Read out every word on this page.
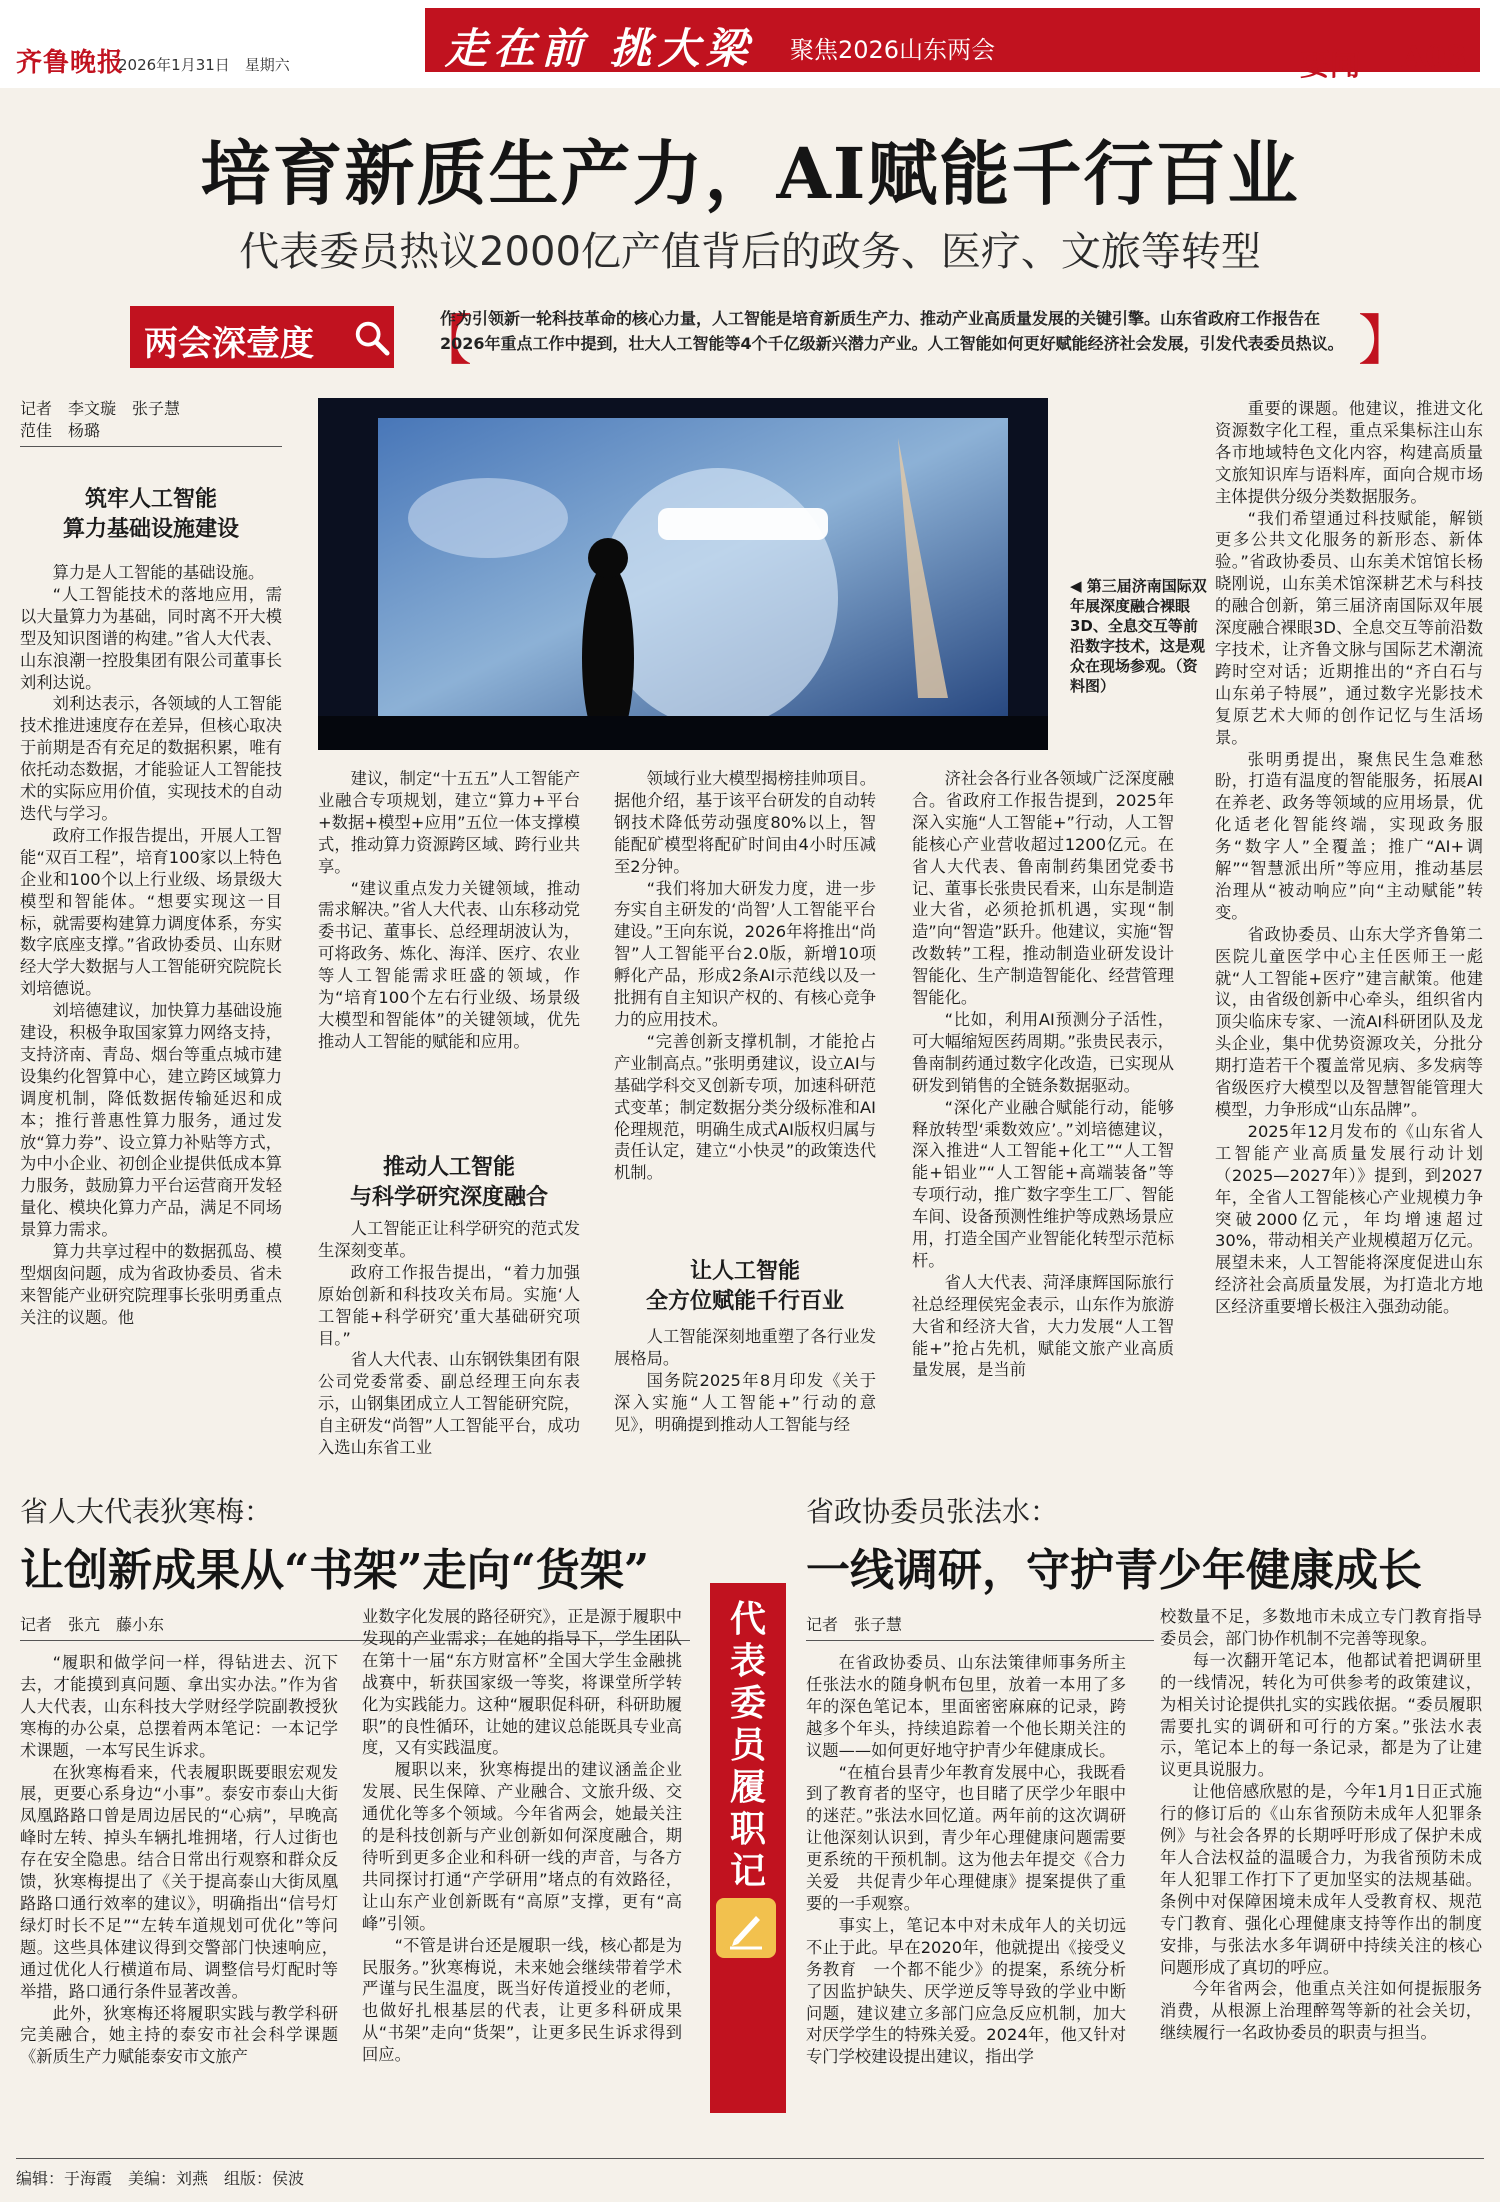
齐鲁晚报
2026年1月31日　星期六	走在前 挑大梁 聚焦2026山东两会	要闻 A03
培育新质生产力，AI赋能千行百业
代表委员热议2000亿产值背后的政务、医疗、文旅等转型
两会深壹度 【
作为引领新一轮科技革命的核心力量，人工智能是培育新质生产力、推动产业高质量发展的关键引擎。山东省政府工作报告在2026年重点工作中提到，壮大人工智能等4个千亿级新兴潜力产业。人工智能如何更好赋能经济社会发展，引发代表委员热议。 】
记者　李文璇　张子慧
范佳　杨璐
筑牢人工智能
算力基础设施建设

算力是人工智能的基础设施。

“人工智能技术的落地应用，需以大量算力为基础，同时离不开大模型及知识图谱的构建。”省人大代表、山东浪潮一控股集团有限公司董事长刘利达说。

刘利达表示，各领域的人工智能技术推进速度存在差异，但核心取决于前期是否有充足的数据积累，唯有依托动态数据，才能验证人工智能技术的实际应用价值，实现技术的自动迭代与学习。

政府工作报告提出，开展人工智能“双百工程”，培育100家以上特色企业和100个以上行业级、场景级大模型和智能体。“想要实现这一目标，就需要构建算力调度体系，夯实数字底座支撑。”省政协委员、山东财经大学大数据与人工智能研究院院长刘培德说。

刘培德建议，加快算力基础设施建设，积极争取国家算力网络支持，支持济南、青岛、烟台等重点城市建设集约化智算中心，建立跨区域算力调度机制，降低数据传输延迟和成本；推行普惠性算力服务，通过发放“算力券”、设立算力补贴等方式，为中小企业、初创企业提供低成本算力服务，鼓励算力平台运营商开发轻量化、模块化算力产品，满足不同场景算力需求。

算力共享过程中的数据孤岛、模型烟囱问题，成为省政协委员、省未来智能产业研究院理事长张明勇重点关注的议题。他

◀ 第三届济南国际双年展深度融合裸眼3D、全息交互等前沿数字技术，这是观众在现场参观。（资料图）

建议，制定“十五五”人工智能产业融合专项规划，建立“算力+平台+数据+模型+应用”五位一体支撑模式，推动算力资源跨区域、跨行业共享。

“建议重点发力关键领域，推动需求解决。”省人大代表、山东移动党委书记、董事长、总经理胡波认为，可将政务、炼化、海洋、医疗、农业等人工智能需求旺盛的领域，作为“培育100个左右行业级、场景级大模型和智能体”的关键领域，优先推动人工智能的赋能和应用。

推动人工智能
与科学研究深度融合

人工智能正让科学研究的范式发生深刻变革。

政府工作报告提出，“着力加强原始创新和科技攻关布局。实施‘人工智能+科学研究’重大基础研究项目。”

省人大代表、山东钢铁集团有限公司党委常委、副总经理王向东表示，山钢集团成立人工智能研究院，自主研发“尚智”人工智能平台，成功入选山东省工业

领域行业大模型揭榜挂帅项目。据他介绍，基于该平台研发的自动转钢技术降低劳动强度80%以上，智能配矿模型将配矿时间由4小时压减至2分钟。

“我们将加大研发力度，进一步夯实自主研发的‘尚智’人工智能平台建设。”王向东说，2026年将推出“尚智”人工智能平台2.0版，新增10项孵化产品，形成2条AI示范线以及一批拥有自主知识产权的、有核心竞争力的应用技术。

“完善创新支撑机制，才能抢占产业制高点。”张明勇建议，设立AI与基础学科交叉创新专项，加速科研范式变革；制定数据分类分级标准和AI伦理规范，明确生成式AI版权归属与责任认定，建立“小快灵”的政策迭代机制。

让人工智能
全方位赋能千行百业

人工智能深刻地重塑了各行业发展格局。

国务院2025年8月印发《关于深入实施“人工智能+”行动的意见》，明确提到推动人工智能与经

济社会各行业各领域广泛深度融合。省政府工作报告提到，2025年深入实施“人工智能+”行动，人工智能核心产业营收超过1200亿元。在省人大代表、鲁南制药集团党委书记、董事长张贵民看来，山东是制造业大省，必须抢抓机遇，实现“制造”向“智造”跃升。他建议，实施“智改数转”工程，推动制造业研发设计智能化、生产制造智能化、经营管理智能化。

“比如，利用AI预测分子活性，可大幅缩短医药周期。”张贵民表示，鲁南制药通过数字化改造，已实现从研发到销售的全链条数据驱动。

“深化产业融合赋能行动，能够释放转型‘乘数效应’。”刘培德建议，深入推进“人工智能+化工”“人工智能+铝业”“人工智能+高端装备”等专项行动，推广数字孪生工厂、智能车间、设备预测性维护等成熟场景应用，打造全国产业智能化转型示范标杆。

省人大代表、菏泽康辉国际旅行社总经理侯宪金表示，山东作为旅游大省和经济大省，大力发展“人工智能+”抢占先机，赋能文旅产业高质量发展，是当前

重要的课题。他建议，推进文化资源数字化工程，重点采集标注山东各市地域特色文化内容，构建高质量文旅知识库与语料库，面向合规市场主体提供分级分类数据服务。

“我们希望通过科技赋能，解锁更多公共文化服务的新形态、新体验。”省政协委员、山东美术馆馆长杨晓刚说，山东美术馆深耕艺术与科技的融合创新，第三届济南国际双年展深度融合裸眼3D、全息交互等前沿数字技术，让齐鲁文脉与国际艺术潮流跨时空对话；近期推出的“齐白石与山东弟子特展”，通过数字光影技术复原艺术大师的创作记忆与生活场景。

张明勇提出，聚焦民生急难愁盼，打造有温度的智能服务，拓展AI在养老、政务等领域的应用场景，优化适老化智能终端，实现政务服务“数字人”全覆盖；推广“AI+调解”“智慧派出所”等应用，推动基层治理从“被动响应”向“主动赋能”转变。

省政协委员、山东大学齐鲁第二医院儿童医学中心主任医师王一彪就“人工智能+医疗”建言献策。他建议，由省级创新中心牵头，组织省内顶尖临床专家、一流AI科研团队及龙头企业，集中优势资源攻关，分批分期打造若干个覆盖常见病、多发病等省级医疗大模型以及智慧智能管理大模型，力争形成“山东品牌”。

2025年12月发布的《山东省人工智能产业高质量发展行动计划（2025—2027年）》提到，到2027年，全省人工智能核心产业规模力争突破2000亿元，年均增速超过30%，带动相关产业规模超万亿元。展望未来，人工智能将深度促进山东经济社会高质量发展，为打造北方地区经济重要增长极注入强劲动能。

省人大代表狄寒梅：
让创新成果从“书架”走向“货架”
记者　张亢　藤小东

“履职和做学问一样，得钻进去、沉下去，才能摸到真问题、拿出实办法。”作为省人大代表，山东科技大学财经学院副教授狄寒梅的办公桌，总摆着两本笔记：一本记学术课题，一本写民生诉求。

在狄寒梅看来，代表履职既要眼宏观发展，更要心系身边“小事”。泰安市泰山大街凤凰路路口曾是周边居民的“心病”，早晚高峰时左转、掉头车辆扎堆拥堵，行人过街也存在安全隐患。结合日常出行观察和群众反馈，狄寒梅提出了《关于提高泰山大街凤凰路路口通行效率的建议》，明确指出“信号灯绿灯时长不足”“左转车道规划可优化”等问题。这些具体建议得到交警部门快速响应，通过优化人行横道布局、调整信号灯配时等举措，路口通行条件显著改善。

此外，狄寒梅还将履职实践与教学科研完美融合，她主持的泰安市社会科学课题《新质生产力赋能泰安市文旅产

业数字化发展的路径研究》，正是源于履职中发现的产业需求；在她的指导下，学生团队在第十一届“东方财富杯”全国大学生金融挑战赛中，斩获国家级一等奖，将课堂所学转化为实践能力。这种“履职促科研，科研助履职”的良性循环，让她的建议总能既具专业高度，又有实践温度。

履职以来，狄寒梅提出的建议涵盖企业发展、民生保障、产业融合、文旅升级、交通优化等多个领域。今年省两会，她最关注的是科技创新与产业创新如何深度融合，期待听到更多企业和科研一线的声音，与各方共同探讨打通“产学研用”堵点的有效路径，让山东产业创新既有“高原”支撑，更有“高峰”引领。

“不管是讲台还是履职一线，核心都是为民服务。”狄寒梅说，未来她会继续带着学术严谨与民生温度，既当好传道授业的老师，也做好扎根基层的代表，让更多科研成果从“书架”走向“货架”，让更多民生诉求得到回应。

代表委员履职记
省政协委员张法水：
一线调研，守护青少年健康成长
记者　张子慧

在省政协委员、山东法策律师事务所主任张法水的随身帆布包里，放着一本用了多年的深色笔记本，里面密密麻麻的记录，跨越多个年头，持续追踪着一个他长期关注的议题——如何更好地守护青少年健康成长。

“在植台县青少年教育发展中心，我既看到了教育者的坚守，也目睹了厌学少年眼中的迷茫。”张法水回忆道。两年前的这次调研让他深刻认识到，青少年心理健康问题需要更系统的干预机制。这为他去年提交《合力关爱　共促青少年心理健康》提案提供了重要的一手观察。

事实上，笔记本中对未成年人的关切远不止于此。早在2020年，他就提出《接受义务教育　一个都不能少》的提案，系统分析了因监护缺失、厌学逆反等导致的学业中断问题，建议建立多部门应急反应机制，加大对厌学学生的特殊关爱。2024年，他又针对专门学校建设提出建议，指出学

校数量不足，多数地市未成立专门教育指导委员会，部门协作机制不完善等现象。

每一次翻开笔记本，他都试着把调研里的一线情况，转化为可供参考的政策建议，为相关讨论提供扎实的实践依据。“委员履职需要扎实的调研和可行的方案。”张法水表示，笔记本上的每一条记录，都是为了让建议更具说服力。

让他倍感欣慰的是，今年1月1日正式施行的修订后的《山东省预防未成年人犯罪条例》与社会各界的长期呼吁形成了保护未成年人合法权益的温暖合力，为我省预防未成年人犯罪工作打下了更加坚实的法规基础。条例中对保障困境未成年人受教育权、规范专门教育、强化心理健康支持等作出的制度安排，与张法水多年调研中持续关注的核心问题形成了真切的呼应。

今年省两会，他重点关注如何提振服务消费，从根源上治理醉驾等新的社会关切，继续履行一名政协委员的职责与担当。

编辑：于海霞　美编：刘燕　组版：侯波
